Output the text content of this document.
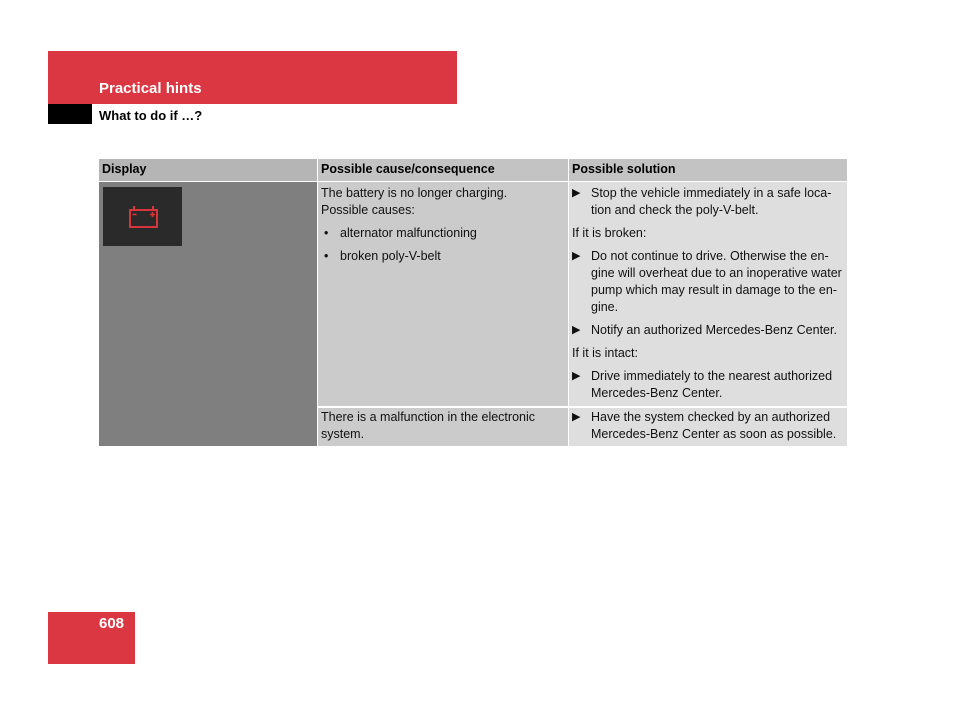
Practical hints
What to do if …?
Display	Possible cause/consequence	Possible solution
The battery is no longer charging.
Possible causes:
• alternator malfunctioning
• broken poly-V-belt
▶ Stop the vehicle immediately in a safe loca-
tion and check the poly-V-belt.
If it is broken:
▶ Do not continue to drive. Otherwise the en-
gine will overheat due to an inoperative water
pump which may result in damage to the en-
gine.
▶ Notify an authorized Mercedes-Benz Center.
If it is intact:
▶ Drive immediately to the nearest authorized
Mercedes-Benz Center.
There is a malfunction in the electronic
system.
▶ Have the system checked by an authorized
Mercedes-Benz Center as soon as possible.
608
